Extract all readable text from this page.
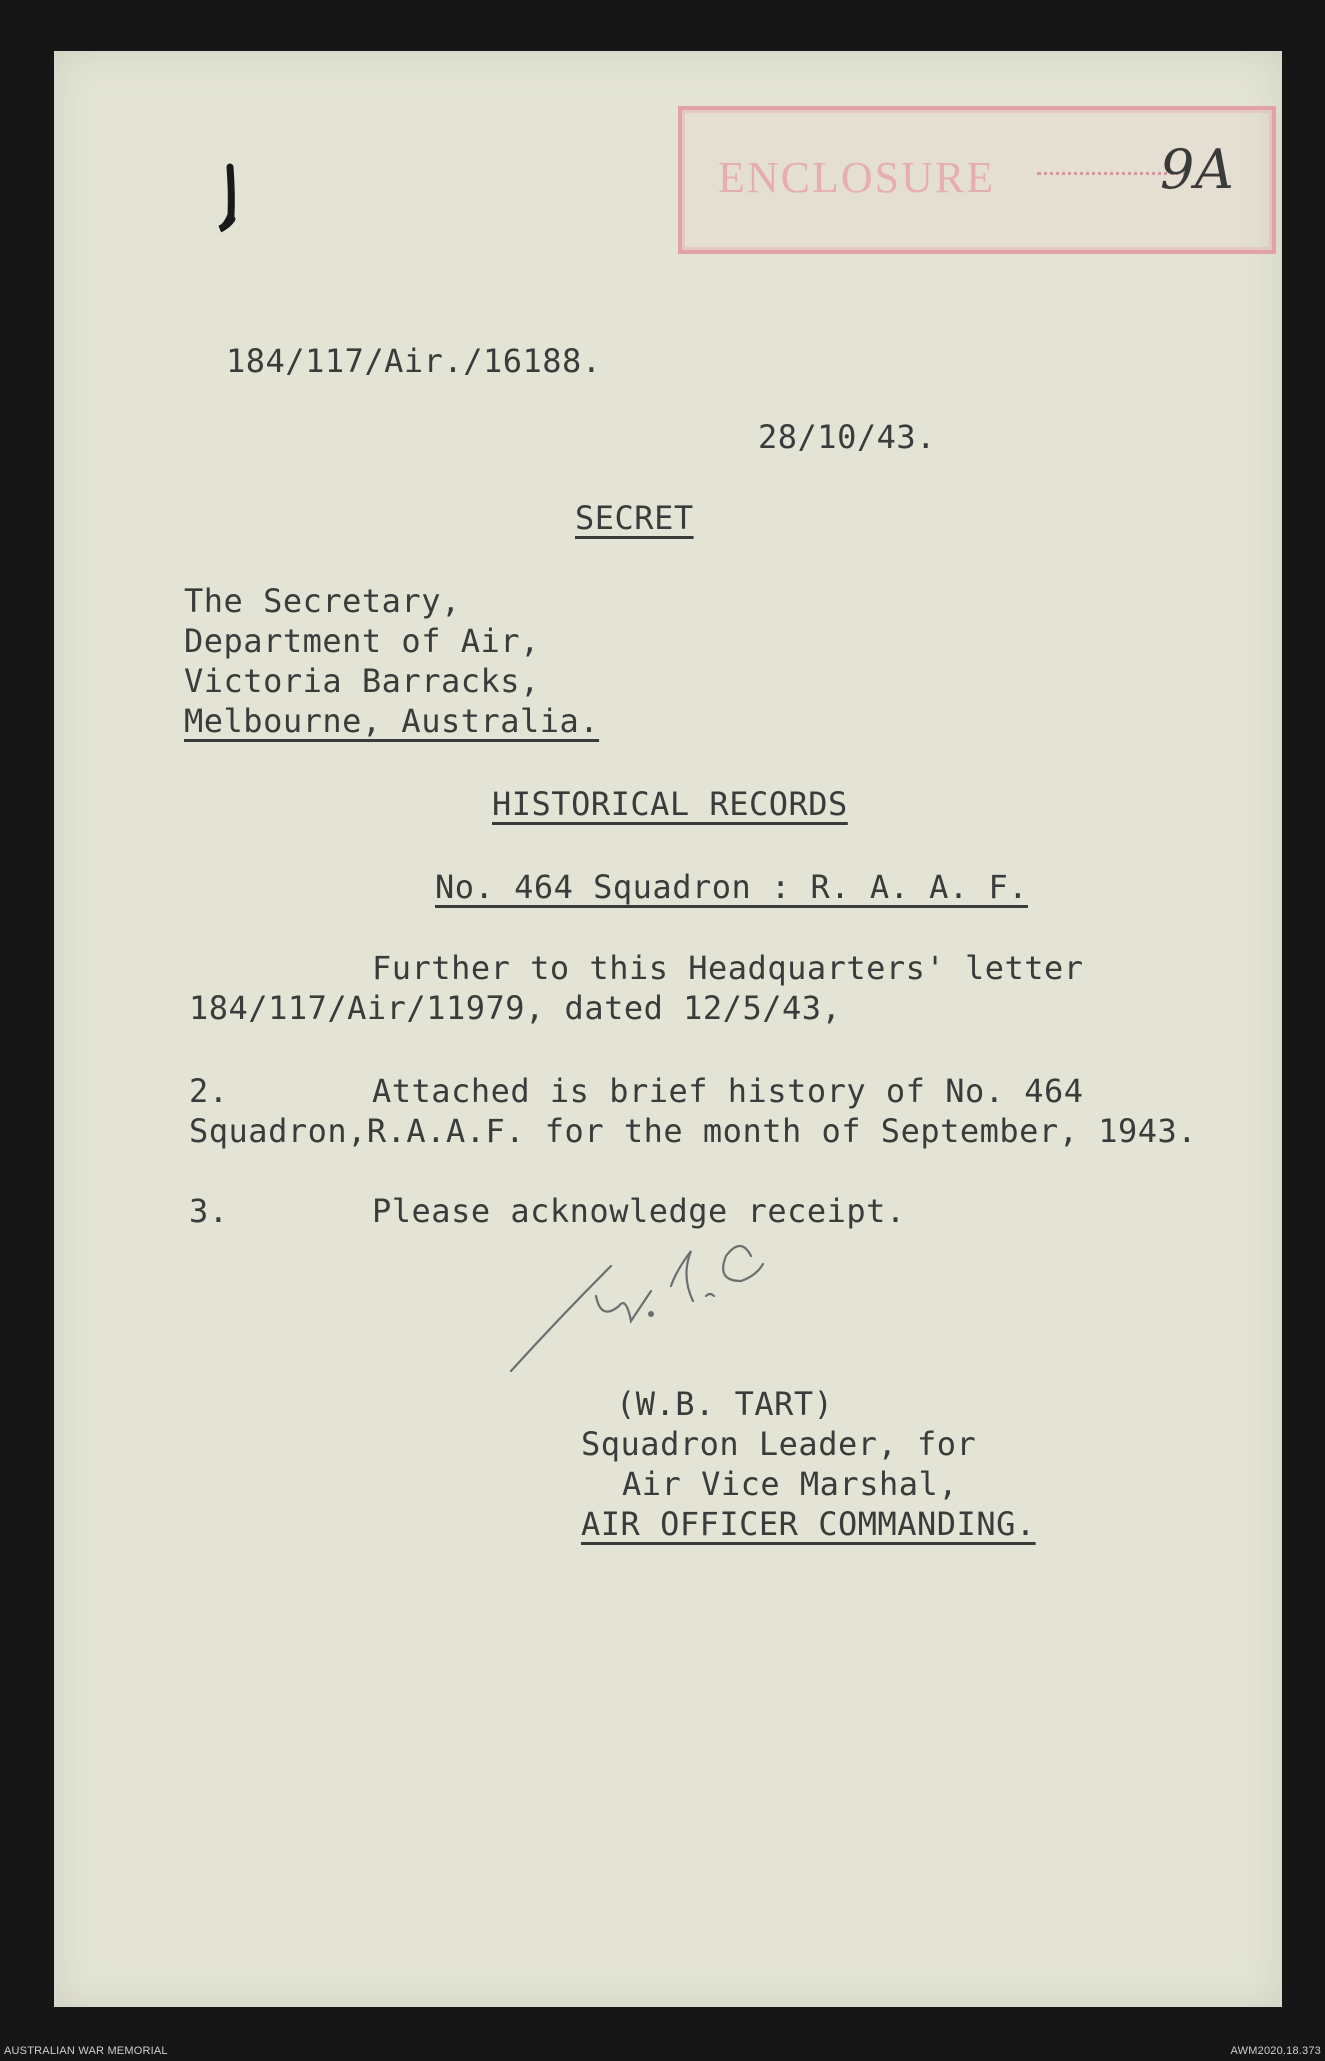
ENCLOSURE	9A
184/117/Air./16188.
28/10/43.
SECRET
The Secretary,
Department of Air,
Victoria Barracks,
Melbourne, Australia.
HISTORICAL RECORDS
No. 464 Squadron : R. A. A. F.
Further to this Headquarters' letter
184/117/Air/11979, dated 12/5/43,
2.	Attached is brief history of No. 464
Squadron,R.A.A.F. for the month of September, 1943.
3.	Please acknowledge receipt.
(W.B. TART)
Squadron Leader, for
Air Vice Marshal,
AIR OFFICER COMMANDING.
AUSTRALIAN WAR MEMORIAL	AWM2020.18.373
